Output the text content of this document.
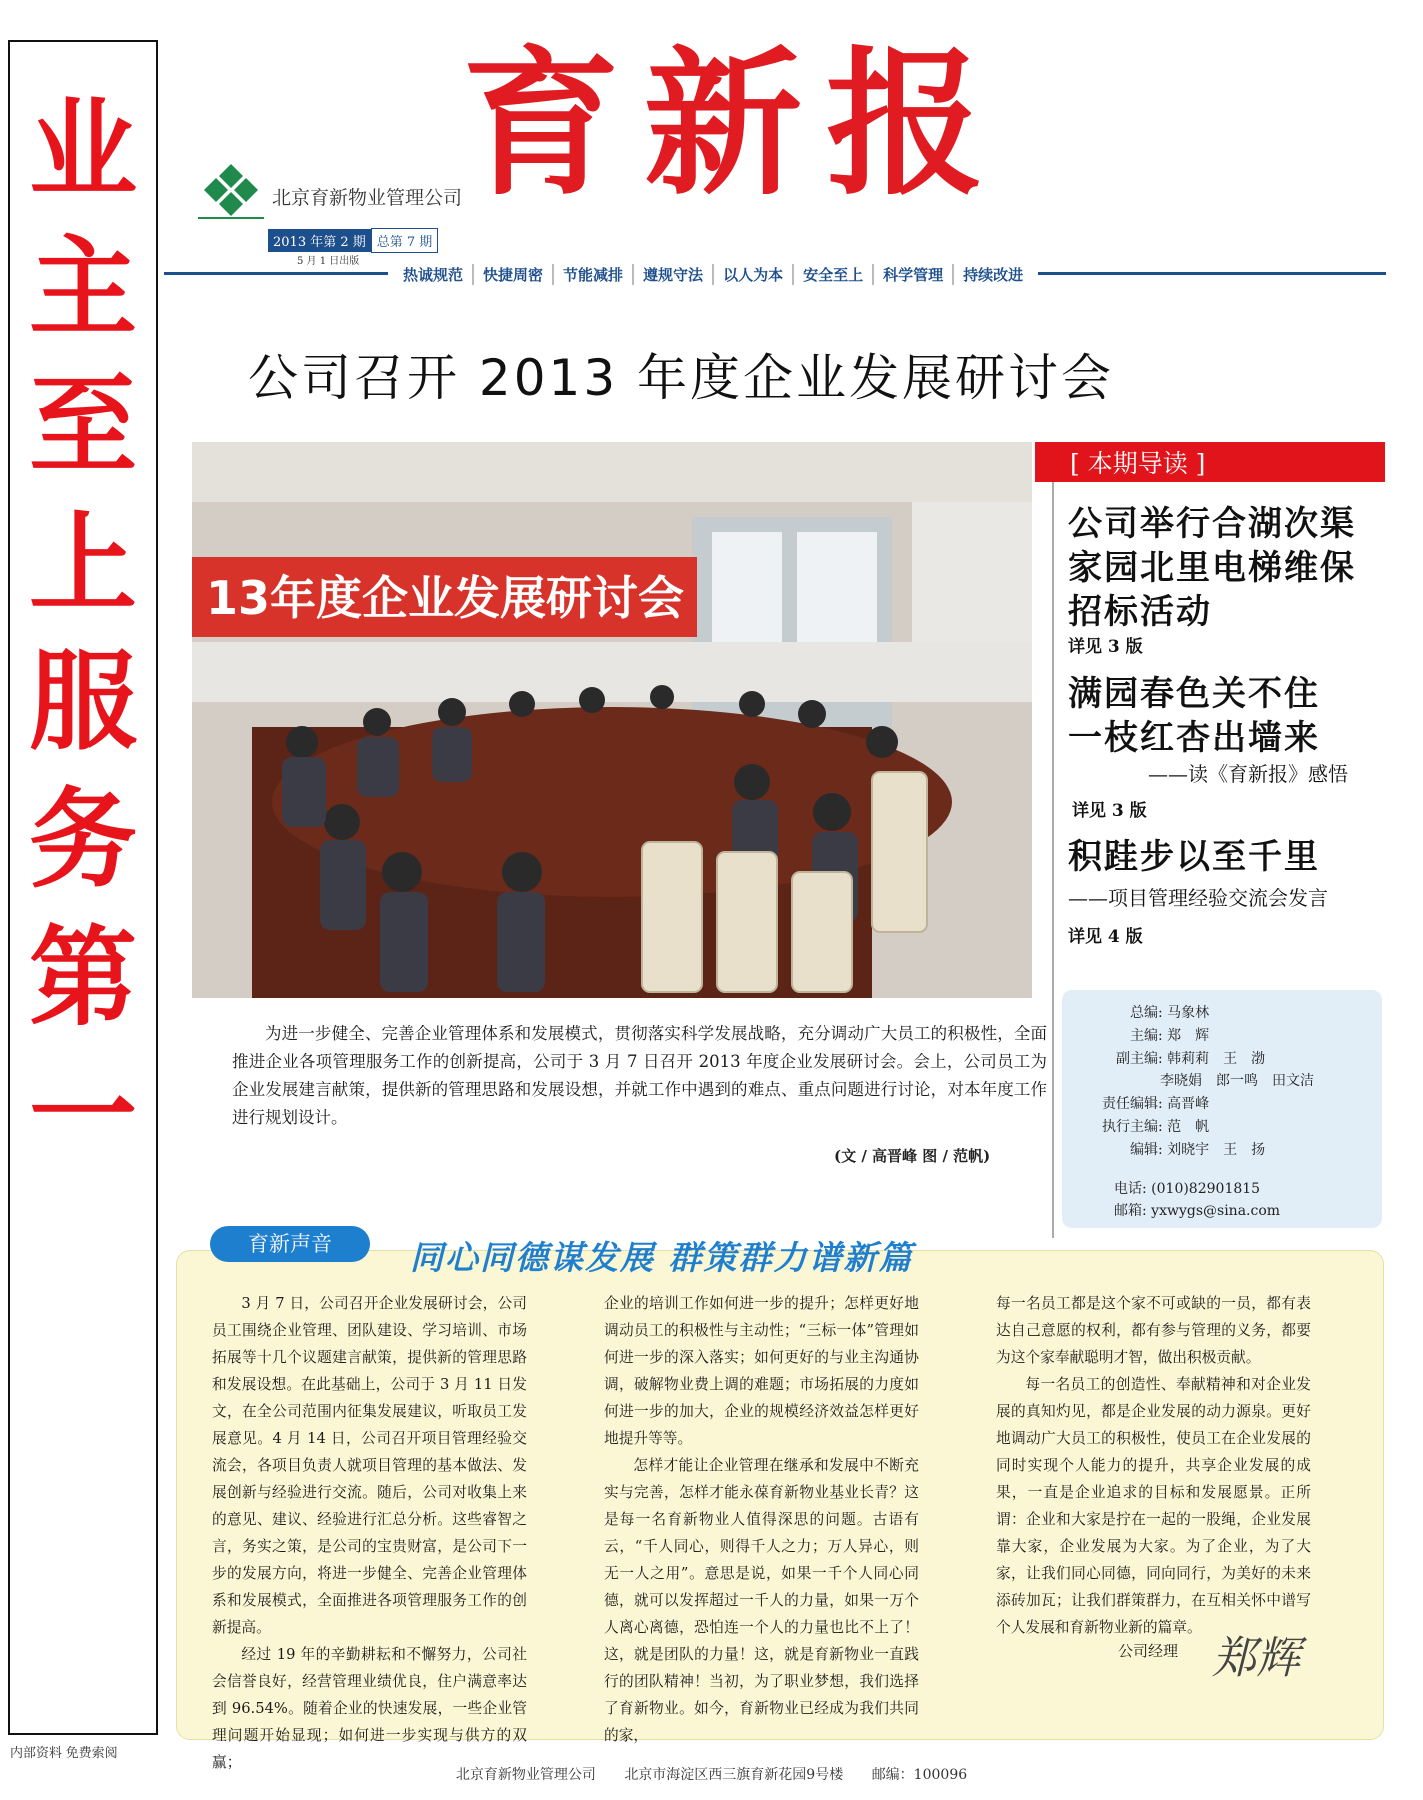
业
主
至
上
服
务
第
一
内部资料 免费索阅
北京育新物业管理公司
2013 年第 2 期 总第 7 期
5 月 1 日出版
育新报
热诚规范	快捷周密	节能减排	遵规守法	以人为本	安全至上	科学管理	持续改进
公司召开 2013 年度企业发展研讨会
13年度企业发展研讨会
[ 本期导读 ]
公司举行合湖次渠
家园北里电梯维保
招标活动
详见 3 版
满园春色关不住
一枝红杏出墙来
——读《育新报》感悟
详见 3 版
积跬步以至千里
——项目管理经验交流会发言
详见 4 版
总编: 马象林
主编: 郑　辉
副主编: 韩莉莉　王　渤
李晓娟　郎一鸣　田文洁
责任编辑: 高晋峰
执行主编: 范　帆
编辑: 刘晓宇　王　扬
电话: (010)82901815
邮箱: yxwygs@sina.com
为进一步健全、完善企业管理体系和发展模式，贯彻落实科学发展战略，充分调动广大员工的积极性，全面推进企业各项管理服务工作的创新提高，公司于 3 月 7 日召开 2013 年度企业发展研讨会。会上，公司员工为企业发展建言献策，提供新的管理思路和发展设想，并就工作中遇到的难点、重点问题进行讨论，对本年度工作进行规划设计。
(文 / 高晋峰 图 / 范帆)
育新声音	同心同德谋发展 群策群力谱新篇

3 月 7 日，公司召开企业发展研讨会，公司员工围绕企业管理、团队建设、学习培训、市场拓展等十几个议题建言献策，提供新的管理思路和发展设想。在此基础上，公司于 3 月 11 日发文，在全公司范围内征集发展建议，听取员工发展意见。4 月 14 日，公司召开项目管理经验交流会，各项目负责人就项目管理的基本做法、发展创新与经验进行交流。随后，公司对收集上来的意见、建议、经验进行汇总分析。这些睿智之言，务实之策，是公司的宝贵财富，是公司下一步的发展方向，将进一步健全、完善企业管理体系和发展模式，全面推进各项管理服务工作的创新提高。

经过 19 年的辛勤耕耘和不懈努力，公司社会信誉良好，经营管理业绩优良，住户满意率达到 96.54%。随着企业的快速发展，一些企业管理问题开始显现；如何进一步实现与供方的双赢；

企业的培训工作如何进一步的提升；怎样更好地调动员工的积极性与主动性；“三标一体”管理如何进一步的深入落实；如何更好的与业主沟通协调，破解物业费上调的难题；市场拓展的力度如何进一步的加大，企业的规模经济效益怎样更好地提升等等。

怎样才能让企业管理在继承和发展中不断充实与完善，怎样才能永葆育新物业基业长青？这是每一名育新物业人值得深思的问题。古语有云，“千人同心，则得千人之力；万人异心，则无一人之用”。意思是说，如果一千个人同心同德，就可以发挥超过一千人的力量，如果一万个人离心离德，恐怕连一个人的力量也比不上了！这，就是团队的力量！这，就是育新物业一直践行的团队精神！当初，为了职业梦想，我们选择了育新物业。如今，育新物业已经成为我们共同的家，

每一名员工都是这个家不可或缺的一员，都有表达自己意愿的权利，都有参与管理的义务，都要为这个家奉献聪明才智，做出积极贡献。

每一名员工的创造性、奉献精神和对企业发展的真知灼见，都是企业发展的动力源泉。更好地调动广大员工的积极性，使员工在企业发展的同时实现个人能力的提升，共享企业发展的成果，一直是企业追求的目标和发展愿景。正所谓：企业和大家是拧在一起的一股绳，企业发展靠大家，企业发展为大家。为了企业，为了大家，让我们同心同德，同向同行，为美好的未来添砖加瓦；让我们群策群力，在互相关怀中谱写个人发展和育新物业新的篇章。

公司经理 郑辉
北京育新物业管理公司 北京市海淀区西三旗育新花园9号楼 邮编：100096
